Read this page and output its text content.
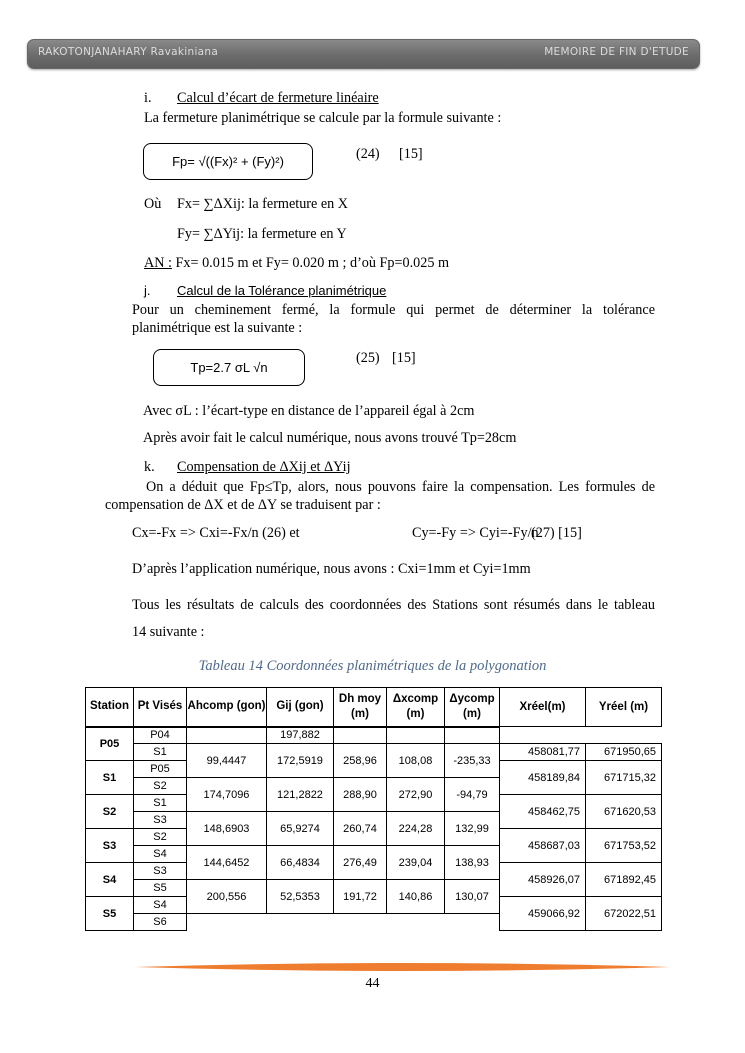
RAKOTONJANAHARY Ravakiniana	MEMOIRE DE FIN D'ETUDE
i. Calcul d’écart de fermeture linéaire
La fermeture planimétrique se calcule par la formule suivante :
Fp= √((Fx)² + (Fy)²)	(24) [15]
Où Fx= ∑ΔXij: la fermeture en X
Fy= ∑ΔYij: la fermeture en Y
AN : Fx= 0.015 m et Fy= 0.020 m ; d’où Fp=0.025 m
j. Calcul de la Tolérance planimétrique
Pour un cheminement fermé, la formule qui permet de déterminer la tolérance
planimétrique est la suivante :
Tp=2.7 σL √n
(25) [15]
Avec σL : l’écart-type en distance de l’appareil égal à 2cm
Après avoir fait le calcul numérique, nous avons trouvé Tp=28cm
k. Compensation de ΔXij et ΔYij
On a déduit que Fp≤Tp, alors, nous pouvons faire la compensation. Les formules de
compensation de ΔX et de ΔY se traduisent par :
Cx=-Fx => Cxi=-Fx/n (26) et	Cy=-Fy => Cyi=-Fy/n
(27) [15]
D’après l’application numérique, nous avons : Cxi=1mm et Cyi=1mm
Tous les résultats de calculs des coordonnées des Stations sont résumés dans le tableau
14 suivante :
Tableau 14 Coordonnées planimétriques de la polygonation
Station	Pt Visés	Ahcomp (gon)	Gij (gon)	Dh moy (m)	Δxcomp (m)	Δycomp (m)	Xréel(m)	Yréel (m)
P05	P04		197,882					
	S1	99,4447	172,5919	258,96	108,08	-235,33	458081,77	671950,65
S1	P05						458189,84	671715,32
	S2	174,7096	121,2822	288,90	272,90	-94,79		
S2	S1						458462,75	671620,53
	S3	148,6903	65,9274	260,74	224,28	132,99		
S3	S2						458687,03	671753,52
	S4	144,6452	66,4834	276,49	239,04	138,93		
S4	S3						458926,07	671892,45
	S5	200,556	52,5353	191,72	140,86	130,07		
S5	S4						459066,92	672022,51
	S6							
44
